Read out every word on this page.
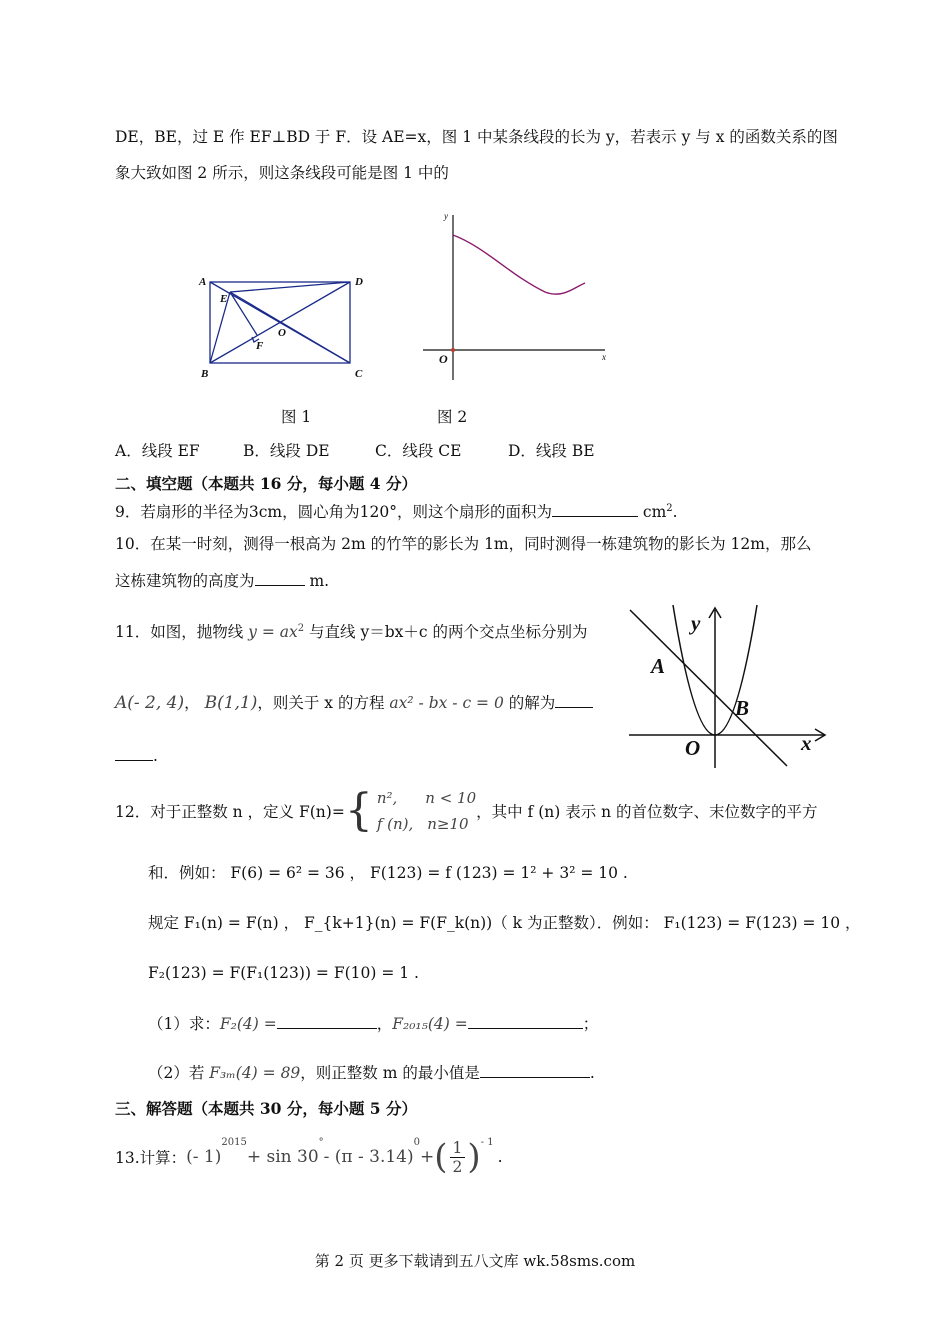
DE，BE，过 E 作 EF⊥BD 于 F．设 AE=x，图 1 中某条线段的长为 y，若表示 y 与 x 的函数关系的图
象大致如图 2 所示，则这条线段可能是图 1 中的
A	D
E
O
F
B	C
y
x
O
图 1	图 2
A．线段 EF	B．线段 DE	C．线段 CE	D．线段 BE
二、填空题（本题共 16 分，每小题 4 分）
9．若扇形的半径为3cm，圆心角为120°，则这个扇形的面积为	$cm^2$.
10．在某一时刻，测得一根高为 2m 的竹竿的影长为 1m，同时测得一栋建筑物的影长为 12m，那么
这栋建筑物的高度为	m.
11．如图，抛物线 $y = ax^2$ 与直线 y＝bx＋c 的两个交点坐标分别为
A(- 2, 4)， B(1,1)，则关于 x 的方程 ax² - bx - c = 0 的解为
.
y
A
B
O	x
12．对于正整数 n ，定义 F(n)= { n², n < 10
f (n), n≥10
，其中 f (n) 表示 n 的首位数字、末位数字的平方
和．例如： F(6) = 6² = 36 ， F(123) = f (123) = 1² + 3² = 10 .
规定 F₁(n) = F(n) ， F_{k+1}(n) = F(F_k(n))（ k 为正整数）．例如： F₁(123) = F(123) = 10 ，
F₂(123) = F(F₁(123)) = F(10) = 1 .
（1）求：F₂(4) =	，F₂₀₁₅(4) =	；
（2）若 F₃ₘ(4) = 89，则正整数 m 的最小值是	.
三、解答题（本题共 30 分，每小题 5 分）
13.计算： (- 1)
$^{2015}$
+ sin 30
°
- (π - 3.14)
$^0$
+ ( $\frac{1}{2} )^{- 1}$
.
第 2 页 更多下载请到五八文库 wk.58sms.com
